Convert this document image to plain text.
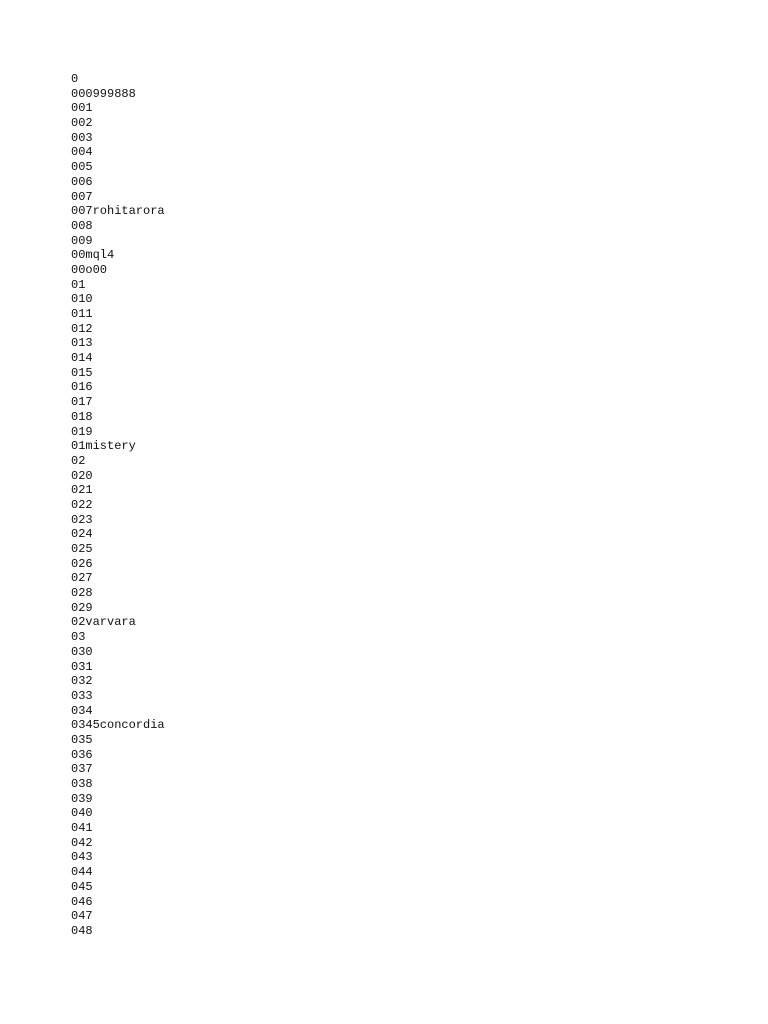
0
000999888
001
002
003
004
005
006
007
007rohitarora
008
009
00mql4
00o00
01
010
011
012
013
014
015
016
017
018
019
01mistery
02
020
021
022
023
024
025
026
027
028
029
02varvara
03
030
031
032
033
034
0345concordia
035
036
037
038
039
040
041
042
043
044
045
046
047
048
